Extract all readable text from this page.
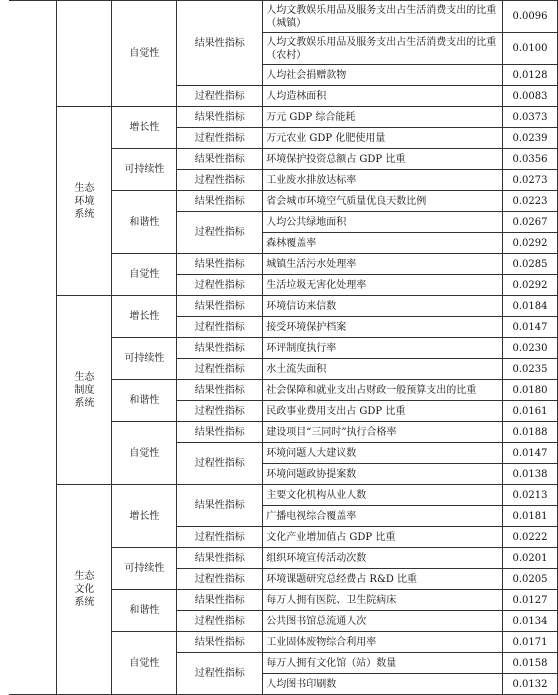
		自觉性	结果性指标	人均文教娱乐用品及服务支出占生活消费支出的比重（城镇）	0.0096
				人均文教娱乐用品及服务支出占生活消费支出的比重（农村）	0.0100
				人均社会捐赠款物	0.0128
			过程性指标	人均造林面积	0.0083
	生态环境系统	增长性	结果性指标	万元 GDP 综合能耗	0.0373
			过程性指标	万元农业 GDP 化肥使用量	0.0239
		可持续性	结果性指标	环境保护投资总额占 GDP 比重	0.0356
			过程性指标	工业废水排放达标率	0.0273
		和谐性	结果性指标	省会城市环境空气质量优良天数比例	0.0223
			过程性指标	人均公共绿地面积	0.0267
				森林覆盖率	0.0292
		自觉性	结果性指标	城镇生活污水处理率	0.0285
			过程性指标	生活垃圾无害化处理率	0.0292
	生态制度系统	增长性	结果性指标	环境信访来信数	0.0184
			过程性指标	接受环境保护档案	0.0147
		可持续性	结果性指标	环评制度执行率	0.0230
			过程性指标	水土流失面积	0.0235
		和谐性	结果性指标	社会保障和就业支出占财政一般预算支出的比重	0.0180
			过程性指标	民政事业费用支出占 GDP 比重	0.0161
		自觉性	结果性指标	建设项目“三同时”执行合格率	0.0188
			过程性指标	环境问题人大建议数	0.0147
				环境问题政协提案数	0.0138
	生态文化系统	增长性	结果性指标	主要文化机构从业人数	0.0213
				广播电视综合覆盖率	0.0181
			过程性指标	文化产业增加值占 GDP 比重	0.0222
		可持续性	结果性指标	组织环境宣传活动次数	0.0201
			过程性指标	环境课题研究总经费占 R&D 比重	0.0205
		和谐性	结果性指标	每万人拥有医院、卫生院病床	0.0127
			过程性指标	公共图书馆总流通人次	0.0134
		自觉性	结果性指标	工业固体废物综合利用率	0.0171
			过程性指标	每万人拥有文化馆（站）数量	0.0158
				人均图书印刷数	0.0132
